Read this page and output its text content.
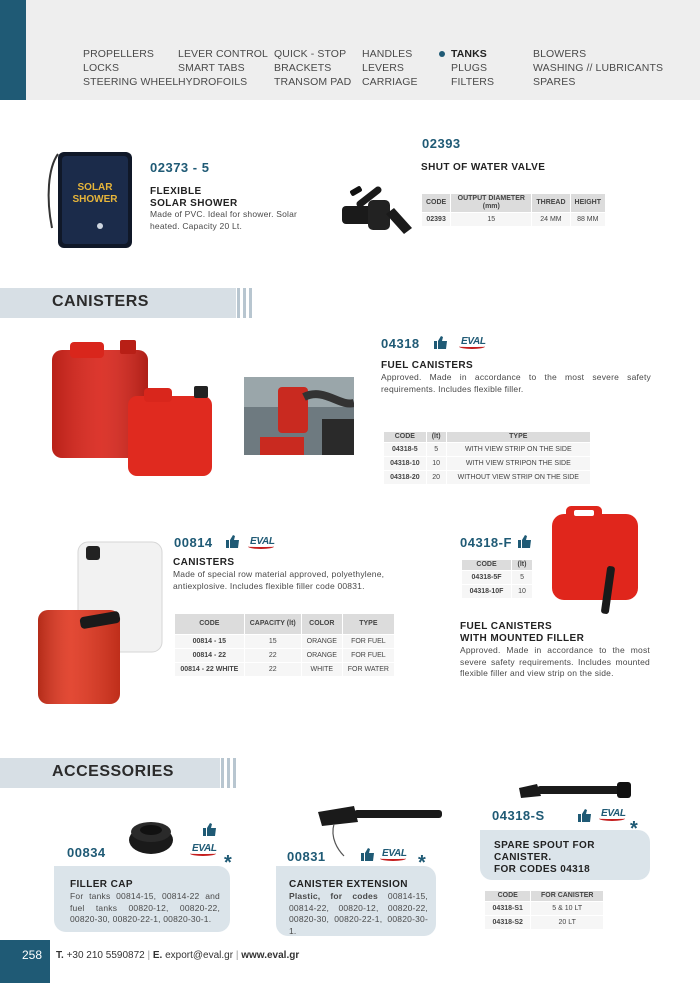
PROPELLERS
LOCKS
STEERING WHEEL
LEVER CONTROL
SMART TABS
HYDROFOILS
QUICK - STOP
BRACKETS
TRANSOM PAD
HANDLES
LEVERS
CARRIAGE
TANKS
PLUGS
FILTERS
BLOWERS
WASHING // LUBRICANTS
SPARES
SOLAR
SHOWER
02373 - 5
FLEXIBLE
SOLAR SHOWER
Made of PVC. Ideal for shower. Solar heated. Capacity 20 Lt.
02393
SHUT OF WATER VALVE
CODE	OUTPUT DIAMETER (mm)	THREAD	HEIGHT
02393	15	24 MM	88 MM
CANISTERS
04318	EVAL
FUEL CANISTERS
Approved. Made in accordance to the most severe safety requirements. Includes flexible filler.
CODE	(lt)	TYPE
04318-5	5	WITH VIEW STRIP ON THE SIDE
04318-10	10	WITH VIEW STRIPON THE SIDE
04318-20	20	WITHOUT VIEW STRIP ON THE SIDE
00814	EVAL
CANISTERS
Made of special row material approved, polyethylene, antiexplosive. Includes flexible filler code 00831.
CODE	CAPACITY (lt)	COLOR	TYPE
00814 - 15	15	ORANGE	FOR FUEL
00814 - 22	22	ORANGE	FOR FUEL
00814 - 22 WHITE	22	WHITE	FOR WATER
04318-F
CODE	(lt)
04318-5F	5
04318-10F	10
FUEL CANISTERS
WITH MOUNTED FILLER
Approved. Made in accordance to the most severe safety requirements. Includes mounted flexible filler and view strip on the side.
ACCESSORIES
EVAL
00834	*
FILLER CAP
For tanks 00814-15, 00814-22 and fuel tanks 00820-12, 00820-22, 00820-30, 00820-22-1, 00820-30-1.
EVAL
00831	*
CANISTER EXTENSION
Plastic, for codes 00814-15, 00814-22, 00820-12, 00820-22, 00820-30, 00820-22-1, 00820-30-1.
04318-S	EVAL
*
SPARE SPOUT FOR
CANISTER.
FOR CODES 04318
CODE	FOR CANISTER
04318-S1	5 & 10 LT
04318-S2	20 LT
258	T. +30 210 5590872 | E. export@eval.gr | www.eval.gr
